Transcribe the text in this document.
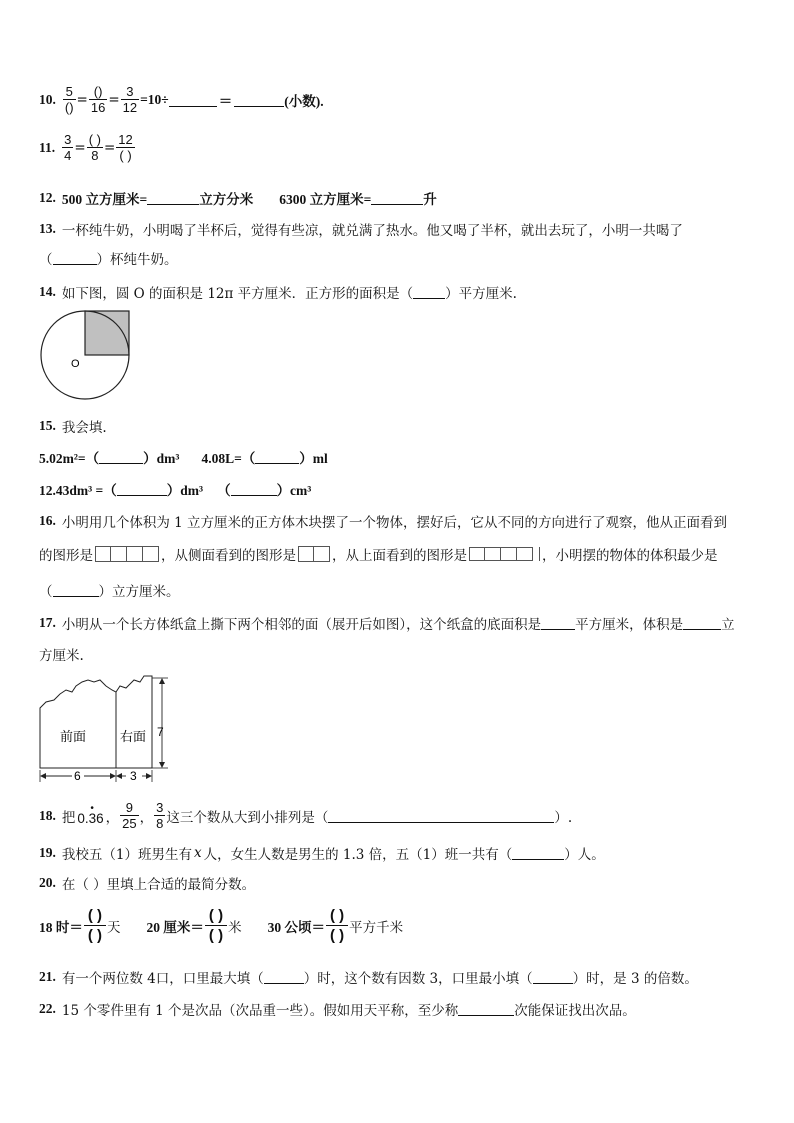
10. $\frac{5}{()} = \frac{()}{16} = \frac{3}{12} =10\div$	＝	(小数).
11. $\frac{3}{4} = \frac{( )}{8} = \frac{12}{( )}$
12. 500 立方厘米=	立方分米 6300 立方厘米=	升
13. 一杯纯牛奶，小明喝了半杯后，觉得有些凉，就兑满了热水。他又喝了半杯，就出去玩了，小明一共喝了
（	）杯纯牛奶。
14. 如下图，圆 O 的面积是 12π 平方厘米．正方形的面积是（ ）平方厘米.
O
15. 我会填.
5.02m²=（	）dm³ 4.08L=（	）ml
12.43dm³ =（	）dm³ （	）cm³
16. 小明用几个体积为 1 立方厘米的正方体木块摆了一个物体，摆好后，它从不同的方向进行了观察，他从正面看到
的图形是	，从侧面看到的图形是	，从上面看到的图形是	，小明摆的物体的体积最少是
（	）立方厘米。
17. 小明从一个长方体纸盒上撕下两个相邻的面（展开后如图），这个纸盒的底面积是	平方厘米，体积是	立
方厘米.
前面	右面 7
6	3
18. 把 0.36
•
， $\frac{9}{25}$ ， $\frac{3}{8}$ 这三个数从大到小排列是（	）.
19. 我校五（1）班男生有 x 人，女生人数是男生的 1.3 倍，五（1）班一共有（	）人。
20. 在（ ）里填上合适的最简分数。
18 时＝ $\frac{( )}{( )}$ 天 20 厘米＝ $\frac{( )}{( )}$ 米 30 公顷＝ $\frac{( )}{( )}$ 平方千米
21. 有一个两位数 4口，口里最大填（	）时，这个数有因数 3，口里最小填（	）时，是 3 的倍数。
22. 15 个零件里有 1 个是次品（次品重一些）。假如用天平称，至少称	次能保证找出次品。
